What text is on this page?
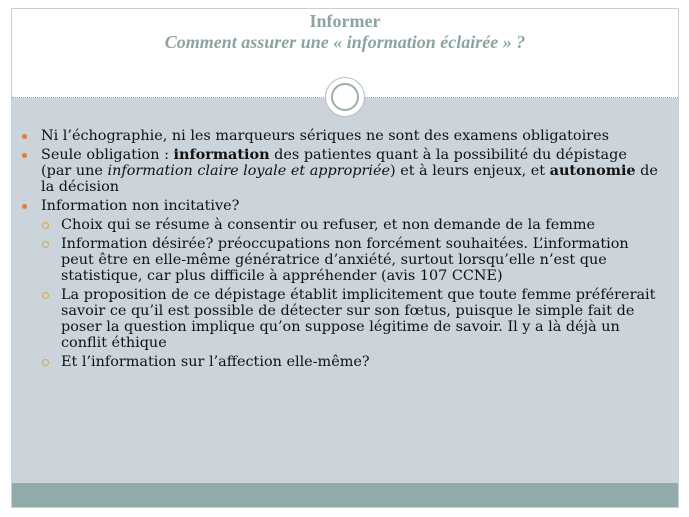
Informer
Comment assurer une « information éclairée » ?
Ni l’échographie, ni les marqueurs sériques ne sont des examens obligatoires
Seule obligation : information des patientes quant à la possibilité du dépistage (par une information claire loyale et appropriée) et à leurs enjeux, et autonomie de la décision
Information non incitative?
Choix qui se résume à consentir ou refuser, et non demande de la femme
Information désirée? préoccupations non forcément souhaitées. L’information peut être en elle-même génératrice d’anxiété, surtout lorsqu’elle n’est que statistique, car plus difficile à appréhender (avis 107 CCNE)
La proposition de ce dépistage établit implicitement que toute femme préférerait savoir ce qu’il est possible de détecter sur son fœtus, puisque le simple fait de poser la question implique qu’on suppose légitime de savoir. Il y a là déjà un conflit éthique
Et l’information sur l’affection elle-même?
